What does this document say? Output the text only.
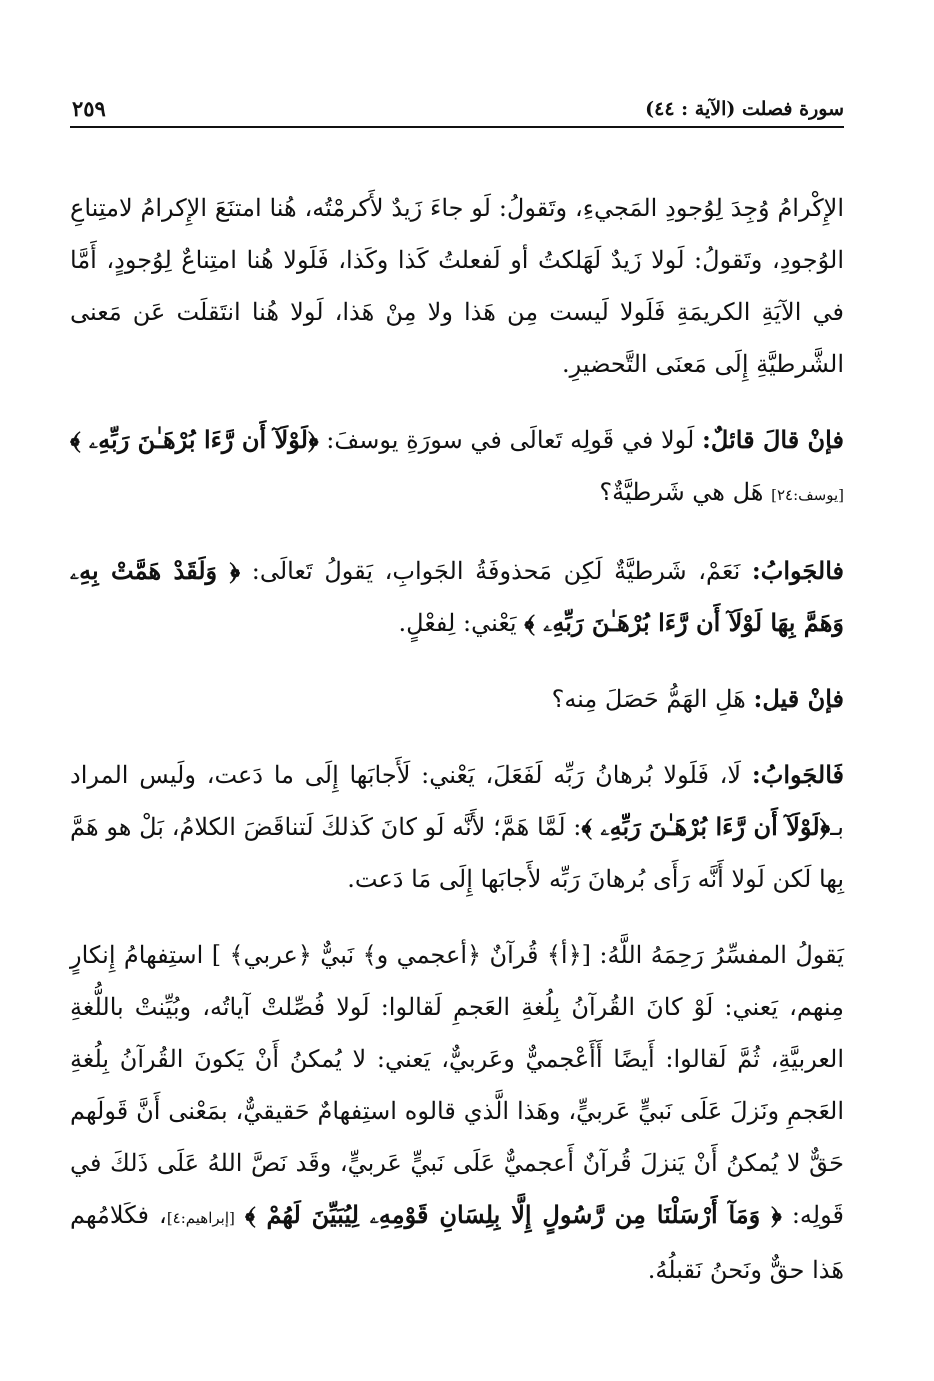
سورة فصلت (الآية : ٤٤)
٢٥٩

الإِكْرامُ وُجِدَ لِوُجودِ المَجيءِ، وتَقولُ: لَو جاءَ زَيدٌ لأَكرمْتُه، هُنا امتنَعَ الإِكرامُ لامتِناعِ الوُجودِ، وتَقولُ: لَولا زَيدٌ لَهَلكتُ أو لَفعلتُ كَذا وكَذا، فَلَولا هُنا امتِناعٌ لِوُجودٍ، أَمَّا في الآيَةِ الكريمَةِ فَلَولا لَيست مِن هَذا ولا مِنْ هَذا، لَولا هُنا انتَقلَت عَن مَعنى الشَّرطيَّةِ إِلَى مَعنَى التَّحضيرِ.

فإنْ قالَ قائلٌ: لَولا في قَولِه تَعالَى في سورَةِ يوسفَ: ﴿لَوْلَآ أَن رَّءَا بُرْهَـٰنَ رَبِّهِۦ ﴾ [يوسف:٢٤] هَل هي شَرطيَّةٌ؟

فالجَوابُ: نَعَمْ، شَرطيَّةٌ لَكِن مَحذوفَةُ الجَوابِ، يَقولُ تَعالَى: ﴿ وَلَقَدْ هَمَّتْ بِهِۦ وَهَمَّ بِهَا لَوْلَآ أَن رَّءَا بُرْهَـٰنَ رَبِّهِۦ ﴾ يَعْني: لِفعْلٍ.

فإنْ قيل: هَلِ الهَمُّ حَصَلَ مِنه؟

فَالجَوابُ: لَا، فَلَولا بُرهانُ رَبِّه لَفَعَلَ، يَعْني: لَأَجابَها إِلَى ما دَعت، ولَيس المراد بـ﴿لَوْلَآ أَن رَّءَا بُرْهَـٰنَ رَبِّهِۦ ﴾: لَمَّا هَمَّ؛ لأَنَّه لَو كانَ كَذلكَ لَتناقَضَ الكلامُ، بَلْ هو هَمَّ بِها لَكن لَولا أَنَّه رَأَى بُرهانَ رَبِّه لأَجابَها إِلَى مَا دَعت.

يَقولُ المفسِّرُ رَحِمَهُ اللَّهُ: [﴿أ﴾ قُرآنٌ ﴿أعجمي و﴾ نَبيٌّ ﴿عربي﴾ ] استِفهامُ إِنكارٍ مِنهم، يَعني: لَوْ كانَ القُرآنُ بِلُغةِ العَجمِ لَقالوا: لَولا فُصِّلتْ آياتُه، وبُيِّنتْ باللُّغةِ العربيَّةِ، ثُمَّ لَقالوا: أَيضًا أَأَعْجميٌّ وعَربيٌّ، يَعني: لا يُمكنُ أَنْ يَكونَ القُرآنُ بِلُغةِ العَجمِ ونَزلَ عَلَى نَبيٍّ عَربيٍّ، وهَذا الَّذي قالوه استِفهامٌ حَقيقيٌّ، بمَعْنى أَنَّ قَولَهم حَقٌّ لا يُمكنُ أَنْ يَنزلَ قُرآنٌ أَعجميٌّ عَلَى نَبيٍّ عَربيٍّ، وقَد نَصَّ اللهُ عَلَى ذَلكَ في قَولِه: ﴿ وَمَآ أَرْسَلْنَا مِن رَّسُولٍ إِلَّا بِلِسَانِ قَوْمِهِۦ لِيُبَيِّنَ لَهُمْ ﴾ [إبراهيم:٤]، فكَلامُهم هَذا حقٌّ ونَحنُ نَقبلُهُ.
